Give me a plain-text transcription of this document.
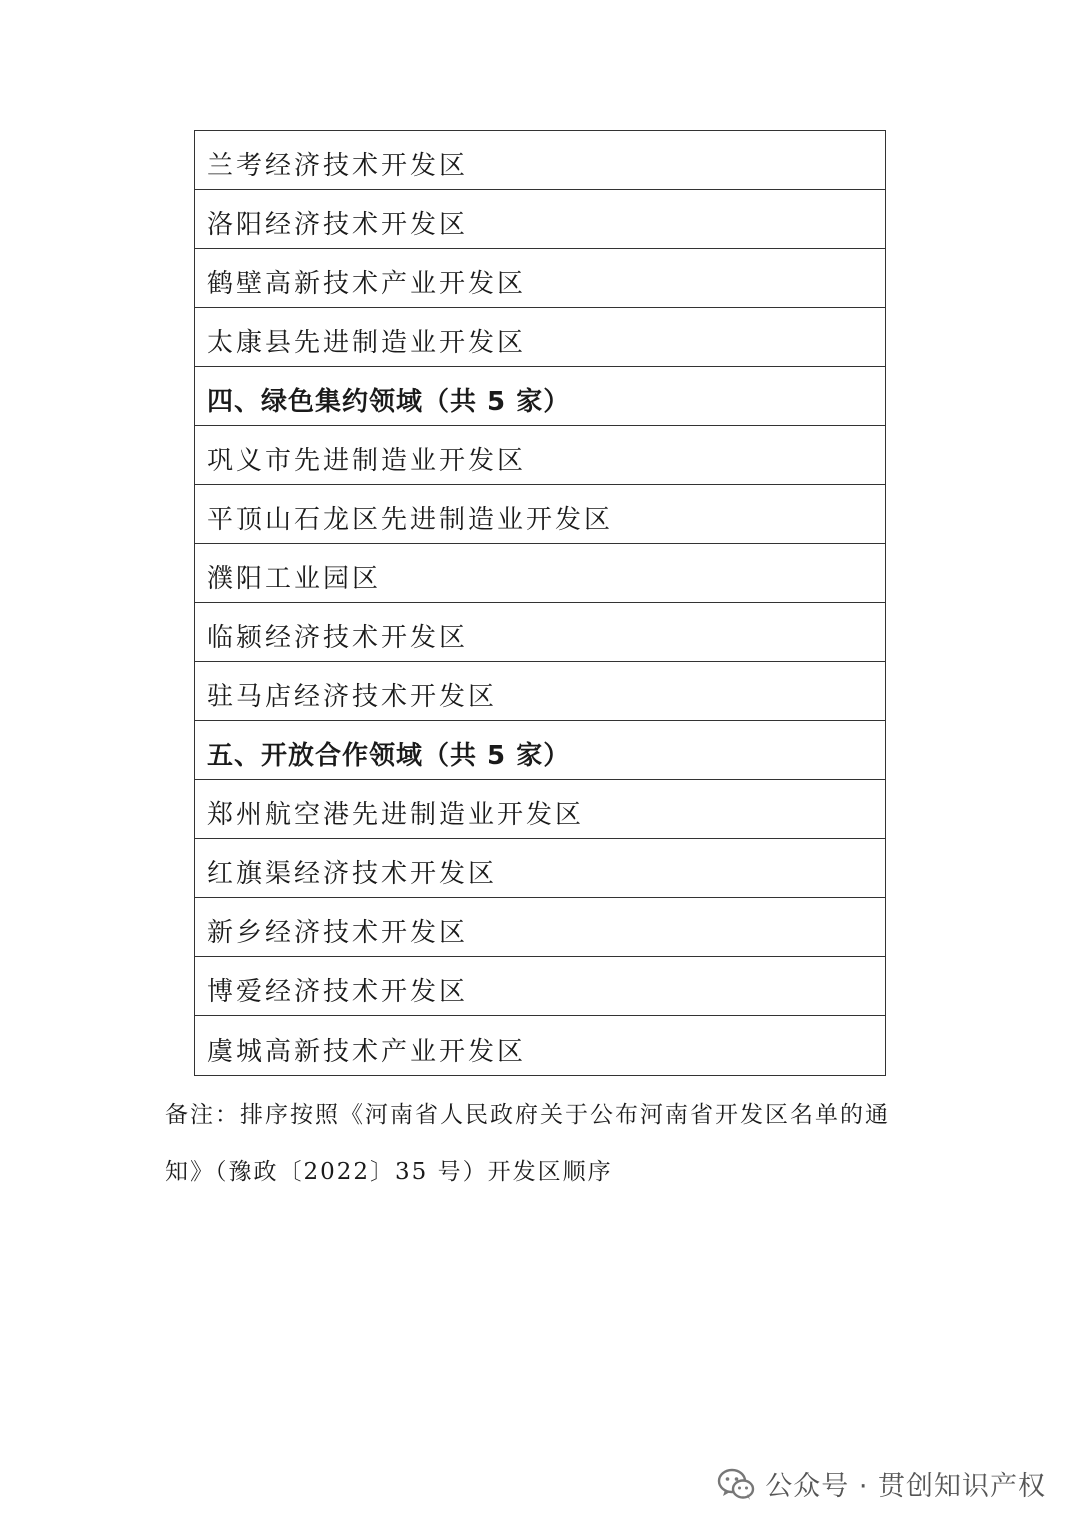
兰考经济技术开发区
洛阳经济技术开发区
鹤壁高新技术产业开发区
太康县先进制造业开发区
四、绿色集约领域（共 5 家）
巩义市先进制造业开发区
平顶山石龙区先进制造业开发区
濮阳工业园区
临颍经济技术开发区
驻马店经济技术开发区
五、开放合作领域（共 5 家）
郑州航空港先进制造业开发区
红旗渠经济技术开发区
新乡经济技术开发区
博爱经济技术开发区
虞城高新技术产业开发区
备注：排序按照《河南省人民政府关于公布河南省开发区名单的通
知》（豫政〔2022〕35 号）开发区顺序
公众号 · 贯创知识产权
